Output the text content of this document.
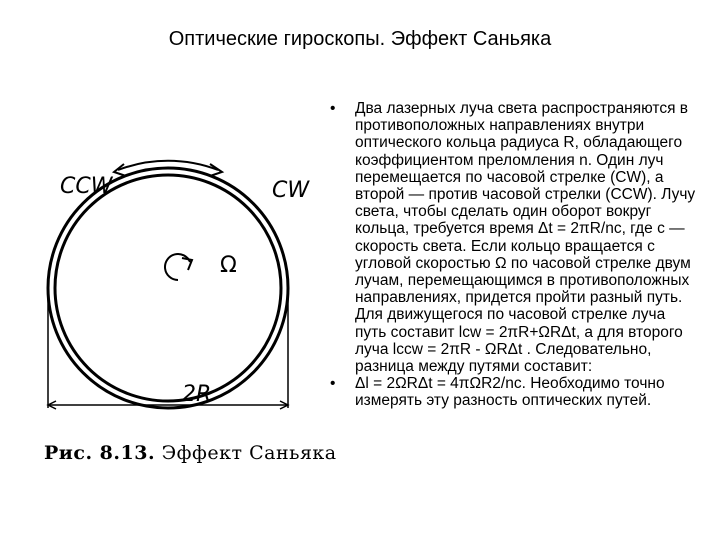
Оптические гироскопы. Эффект Саньяка
CCW	CW
Ω
2R
Рис. 8.13. Эффект Саньяка
• Два лазерных луча света распространяются в противоположных направлениях внутри оптического кольца радиуса R, обладающего коэффициентом преломления n. Один луч перемещается по часовой стрелке (CW), а второй — против часовой стрелки (CCW). Лучу света, чтобы сделать один оборот вокруг кольца, требуется время Δt = 2πR/nc, где c — скорость света. Если кольцо вращается с угловой скоростью Ω по часовой стрелке двум лучам, перемещающимся в противоположных направлениях, придется пройти разный путь. Для движущегося по часовой стрелке луча путь составит lcw = 2πR+ΩRΔt, а для второго луча lccw = 2πR - ΩRΔt . Следовательно, разница между путями составит:
• Δl = 2ΩRΔt = 4πΩR2/nc. Необходимо точно измерять эту разность оптических путей.
